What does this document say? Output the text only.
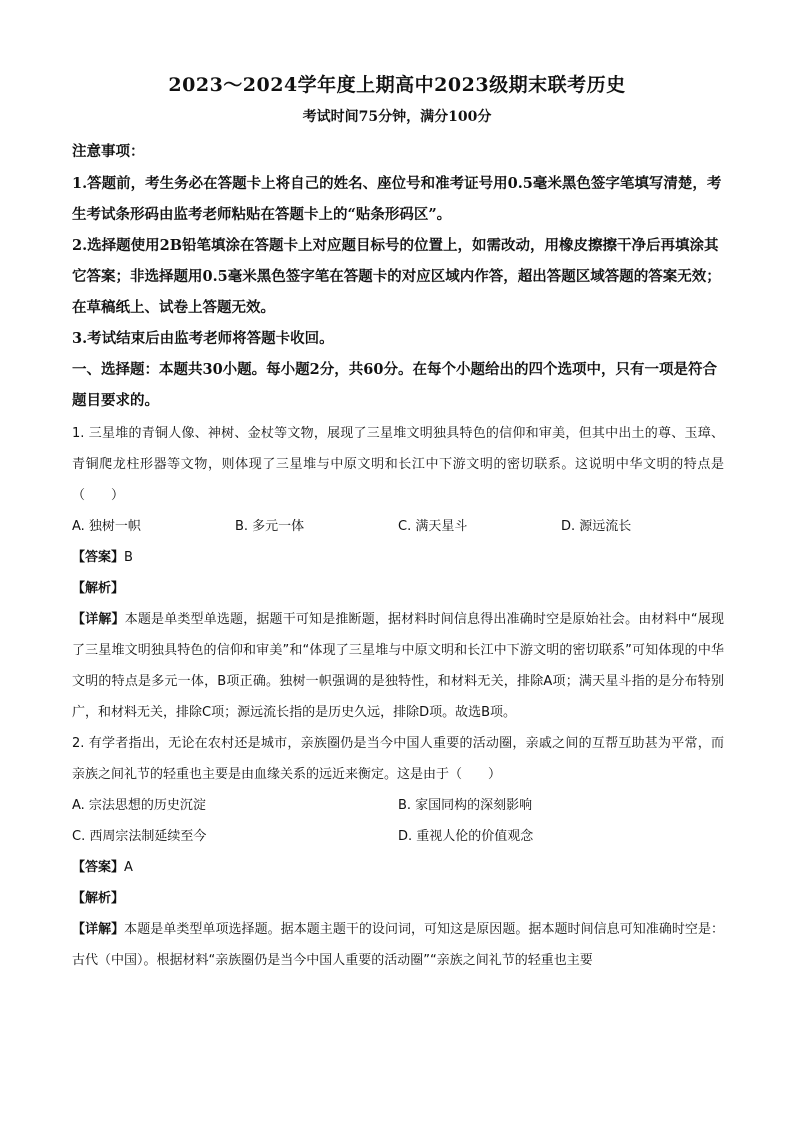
2023～2024学年度上期高中2023级期末联考历史
考试时间75分钟，满分100分
注意事项：

1.答题前，考生务必在答题卡上将自己的姓名、座位号和准考证号用0.5毫米黑色签字笔填写清楚，考生考试条形码由监考老师粘贴在答题卡上的“贴条形码区”。

2.选择题使用2B铅笔填涂在答题卡上对应题目标号的位置上，如需改动，用橡皮擦擦干净后再填涂其它答案；非选择题用0.5毫米黑色签字笔在答题卡的对应区域内作答，超出答题区域答题的答案无效；在草稿纸上、试卷上答题无效。

3.考试结束后由监考老师将答题卡收回。

一、选择题：本题共30小题。每小题2分，共60分。在每个小题给出的四个选项中，只有一项是符合题目要求的。

1. 三星堆的青铜人像、神树、金杖等文物，展现了三星堆文明独具特色的信仰和审美，但其中出土的尊、玉璋、青铜爬龙柱形器等文物，则体现了三星堆与中原文明和长江中下游文明的密切联系。这说明中华文明的特点是（　　）

A. 独树一帜	B. 多元一体	C. 满天星斗	D. 源远流长
【答案】B
【解析】

【详解】本题是单类型单选题，据题干可知是推断题，据材料时间信息得出准确时空是原始社会。由材料中“展现了三星堆文明独具特色的信仰和审美”和“体现了三星堆与中原文明和长江中下游文明的密切联系”可知体现的中华文明的特点是多元一体，B项正确。独树一帜强调的是独特性，和材料无关，排除A项；满天星斗指的是分布特别广，和材料无关，排除C项；源远流长指的是历史久远，排除D项。故选B项。

2. 有学者指出，无论在农村还是城市，亲族圈仍是当今中国人重要的活动圈，亲戚之间的互帮互助甚为平常，而亲族之间礼节的轻重也主要是由血缘关系的远近来衡定。这是由于（　　）

A. 宗法思想的历史沉淀	B. 家国同构的深刻影响
C. 西周宗法制延续至今	D. 重视人伦的价值观念
【答案】A
【解析】

【详解】本题是单类型单项选择题。据本题主题干的设问词，可知这是原因题。据本题时间信息可知准确时空是：古代（中国）。根据材料“亲族圈仍是当今中国人重要的活动圈”“亲族之间礼节的轻重也主要
